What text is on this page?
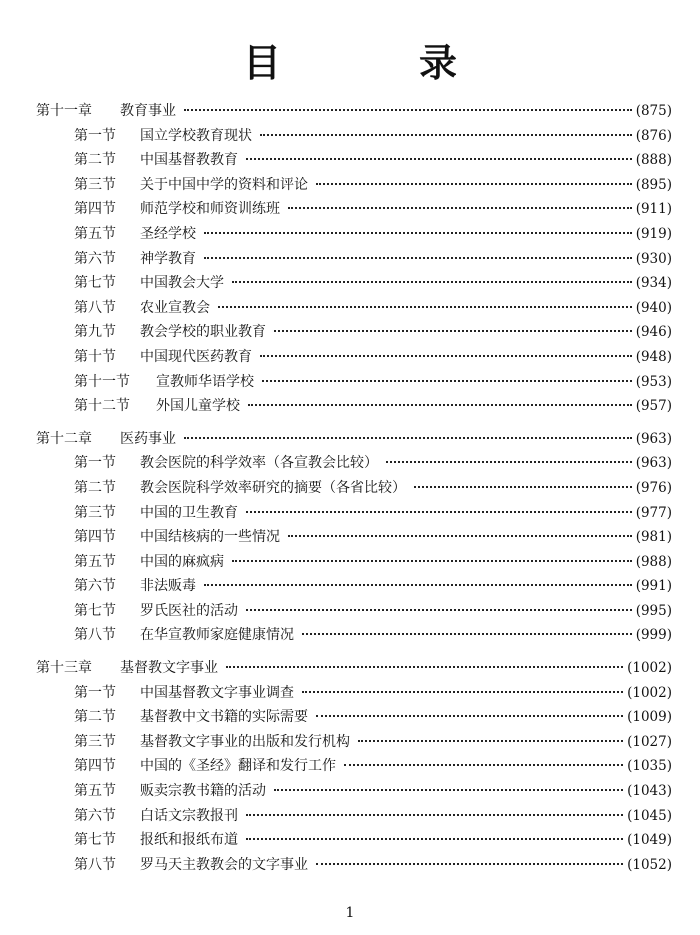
目　录
第十一章	教育事业	(875)
第一节	国立学校教育现状	(876)
第二节	中国基督教教育	(888)
第三节	关于中国中学的资料和评论	(895)
第四节	师范学校和师资训练班	(911)
第五节	圣经学校	(919)
第六节	神学教育	(930)
第七节	中国教会大学	(934)
第八节	农业宣教会	(940)
第九节	教会学校的职业教育	(946)
第十节	中国现代医药教育	(948)
第十一节	宣教师华语学校	(953)
第十二节	外国儿童学校	(957)
第十二章	医药事业	(963)
第一节	教会医院的科学效率（各宣教会比较）	(963)
第二节	教会医院科学效率研究的摘要（各省比较）	(976)
第三节	中国的卫生教育	(977)
第四节	中国结核病的一些情况	(981)
第五节	中国的麻疯病	(988)
第六节	非法贩毒	(991)
第七节	罗氏医社的活动	(995)
第八节	在华宣教师家庭健康情况	(999)
第十三章	基督教文字事业	(1002)
第一节	中国基督教文字事业调查	(1002)
第二节	基督教中文书籍的实际需要	(1009)
第三节	基督教文字事业的出版和发行机构	(1027)
第四节	中国的《圣经》翻译和发行工作	(1035)
第五节	贩卖宗教书籍的活动	(1043)
第六节	白话文宗教报刊	(1045)
第七节	报纸和报纸布道	(1049)
第八节	罗马天主教教会的文字事业	(1052)
1
